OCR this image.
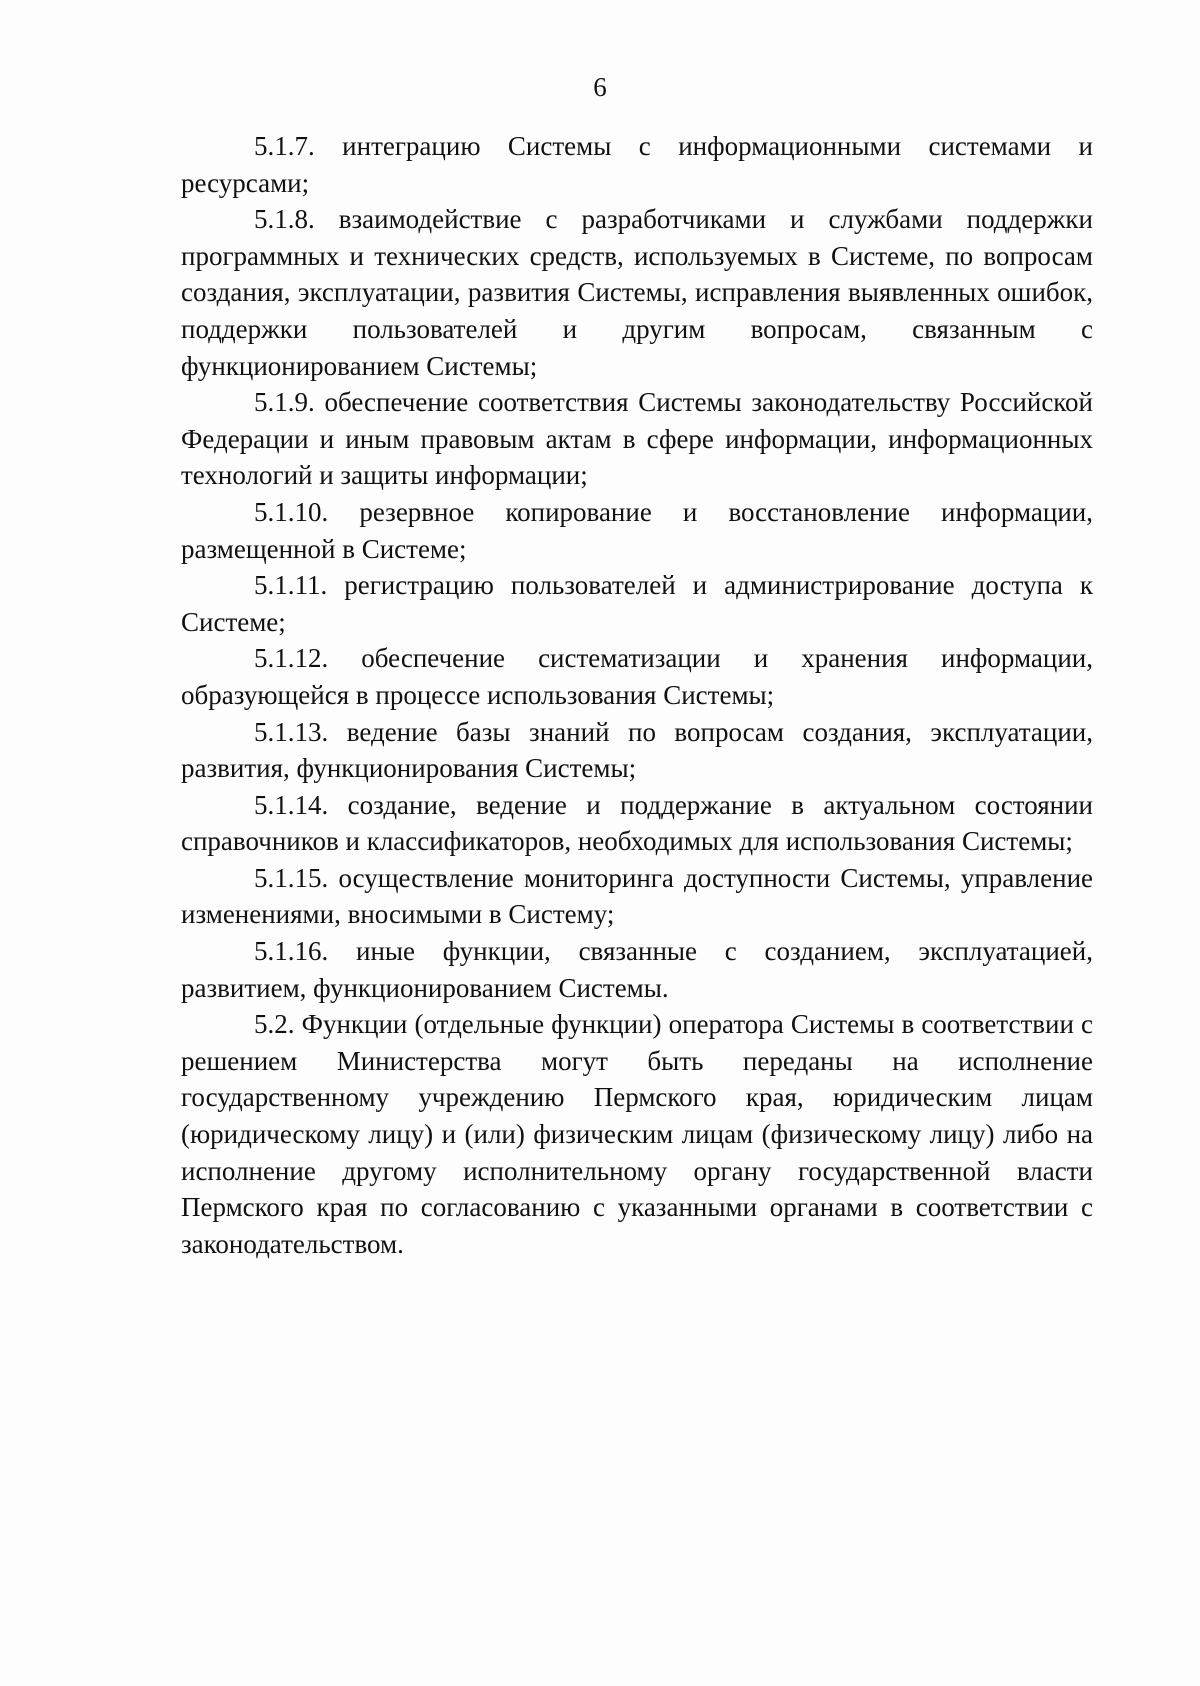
6

5.1.7. интеграцию Системы с информационными системами и ресурсами;

5.1.8. взаимодействие с разработчиками и службами поддержки программных и технических средств, используемых в Системе, по вопросам создания, эксплуатации, развития Системы, исправления выявленных ошибок, поддержки пользователей и другим вопросам, связанным с функционированием Системы;

5.1.9. обеспечение соответствия Системы законодательству Российской Федерации и иным правовым актам в сфере информации, информационных технологий и защиты информации;

5.1.10. резервное копирование и восстановление информации, размещенной в Системе;

5.1.11. регистрацию пользователей и администрирование доступа к Системе;

5.1.12. обеспечение систематизации и хранения информации, образующейся в процессе использования Системы;

5.1.13. ведение базы знаний по вопросам создания, эксплуатации, развития, функционирования Системы;

5.1.14. создание, ведение и поддержание в актуальном состоянии справочников и классификаторов, необходимых для использования Системы;

5.1.15. осуществление мониторинга доступности Системы, управление изменениями, вносимыми в Систему;

5.1.16. иные функции, связанные с созданием, эксплуатацией, развитием, функционированием Системы.

5.2. Функции (отдельные функции) оператора Системы в соответствии с решением Министерства могут быть переданы на исполнение государственному учреждению Пермского края, юридическим лицам (юридическому лицу) и (или) физическим лицам (физическому лицу) либо на исполнение другому исполнительному органу государственной власти Пермского края по согласованию с указанными органами в соответствии с законодательством.
